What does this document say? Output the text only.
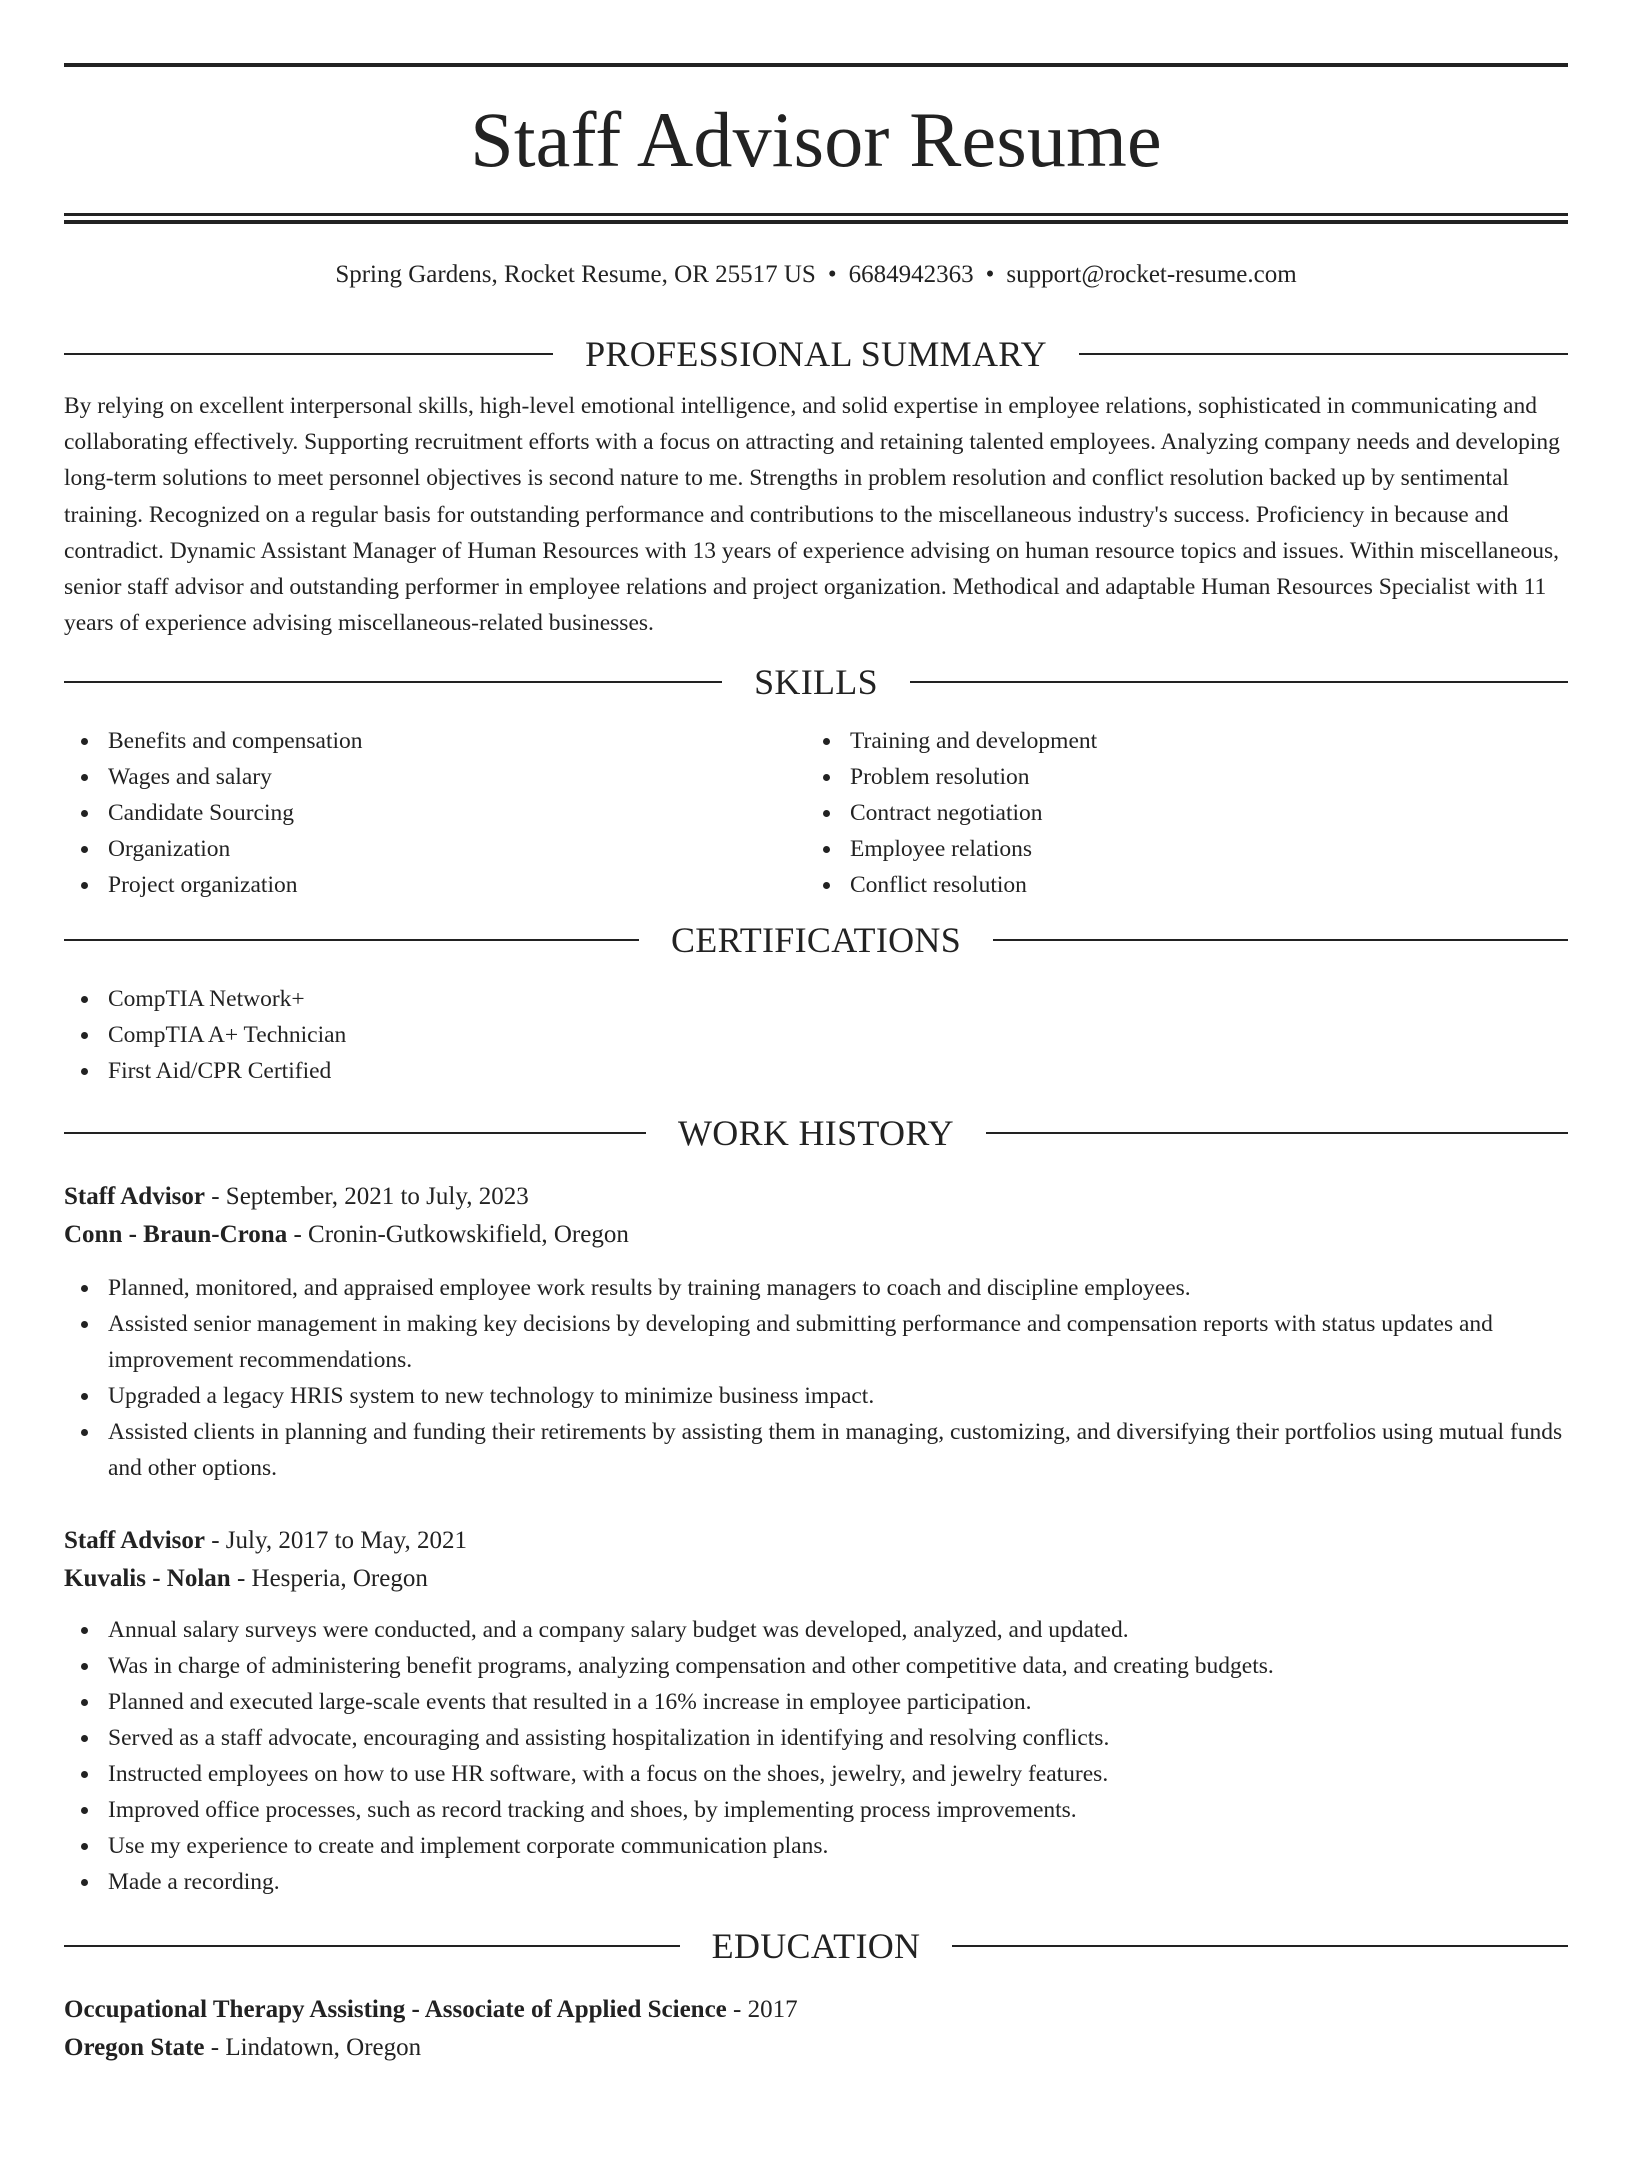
Staff Advisor Resume
Spring Gardens, Rocket Resume, OR 25517 US • 6684942363 • support@rocket-resume.com
PROFESSIONAL SUMMARY

By relying on excellent interpersonal skills, high-level emotional intelligence, and solid expertise in employee relations, sophisticated in communicating and collaborating effectively. Supporting recruitment efforts with a focus on attracting and retaining talented employees. Analyzing company needs and developing long-term solutions to meet personnel objectives is second nature to me. Strengths in problem resolution and conflict resolution backed up by sentimental training. Recognized on a regular basis for outstanding performance and contributions to the miscellaneous industry's success. Proficiency in because and contradict. Dynamic Assistant Manager of Human Resources with 13 years of experience advising on human resource topics and issues. Within miscellaneous, senior staff advisor and outstanding performer in employee relations and project organization. Methodical and adaptable Human Resources Specialist with 11 years of experience advising miscellaneous-related businesses.

SKILLS
Benefits and compensation
Wages and salary
Candidate Sourcing
Organization
Project organization
Training and development
Problem resolution
Contract negotiation
Employee relations
Conflict resolution
CERTIFICATIONS
CompTIA Network+
CompTIA A+ Technician
First Aid/CPR Certified
WORK HISTORY
Staff Advisor - September, 2021 to July, 2023
Conn - Braun-Crona - Cronin-Gutkowskifield, Oregon
Planned, monitored, and appraised employee work results by training managers to coach and discipline employees.
Assisted senior management in making key decisions by developing and submitting performance and compensation reports with status updates and improvement recommendations.
Upgraded a legacy HRIS system to new technology to minimize business impact.
Assisted clients in planning and funding their retirements by assisting them in managing, customizing, and diversifying their portfolios using mutual funds and other options.
Staff Advisor - July, 2017 to May, 2021
Kuvalis - Nolan - Hesperia, Oregon
Annual salary surveys were conducted, and a company salary budget was developed, analyzed, and updated.
Was in charge of administering benefit programs, analyzing compensation and other competitive data, and creating budgets.
Planned and executed large-scale events that resulted in a 16% increase in employee participation.
Served as a staff advocate, encouraging and assisting hospitalization in identifying and resolving conflicts.
Instructed employees on how to use HR software, with a focus on the shoes, jewelry, and jewelry features.
Improved office processes, such as record tracking and shoes, by implementing process improvements.
Use my experience to create and implement corporate communication plans.
Made a recording.
EDUCATION
Occupational Therapy Assisting - Associate of Applied Science - 2017
Oregon State - Lindatown, Oregon
